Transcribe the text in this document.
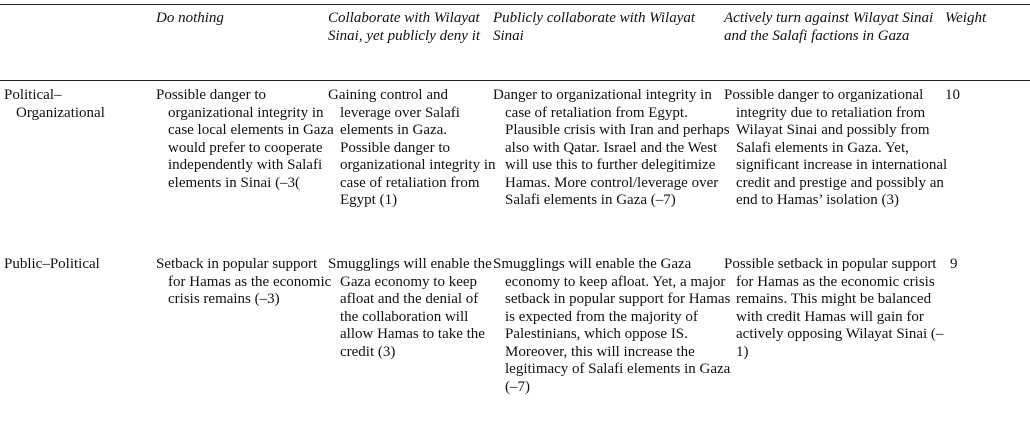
Do nothing	Collaborate with Wilayat Sinai, yet publicly deny it

Publicly collaborate with Wilayat Sinai

Actively turn against Wilayat Sinai and the Salafi factions in Gaza

Weight

Political–
Organizational

Possible danger to organizational integrity in case local elements in Gaza would prefer to cooperate independently with Salafi elements in Sinai (–3(

Gaining control and leverage over Salafi elements in Gaza. Possible danger to organizational integrity in case of retaliation from Egypt (1)

Danger to organizational integrity in case of retaliation from Egypt. Plausible crisis with Iran and perhaps also with Qatar. Israel and the West will use this to further delegitimize Hamas. More control/leverage over Salafi elements in Gaza (–7)

Possible danger to organizational integrity due to retaliation from Wilayat Sinai and possibly from Salafi elements in Gaza. Yet, significant increase in international credit and prestige and possibly an end to Hamas’ isolation (3)

10

Public–Political	Setback in popular support for Hamas as the economic crisis remains (–3)

Smugglings will enable the Gaza economy to keep afloat and the denial of the collaboration will allow Hamas to take the credit (3)

Smugglings will enable the Gaza economy to keep afloat. Yet, a major setback in popular support for Hamas is expected from the majority of Palestinians, which oppose IS. Moreover, this will increase the legitimacy of Salafi elements in Gaza (–7)

Possible setback in popular support for Hamas as the economic crisis remains. This might be balanced with credit Hamas will gain for actively opposing Wilayat Sinai (–1)

9
